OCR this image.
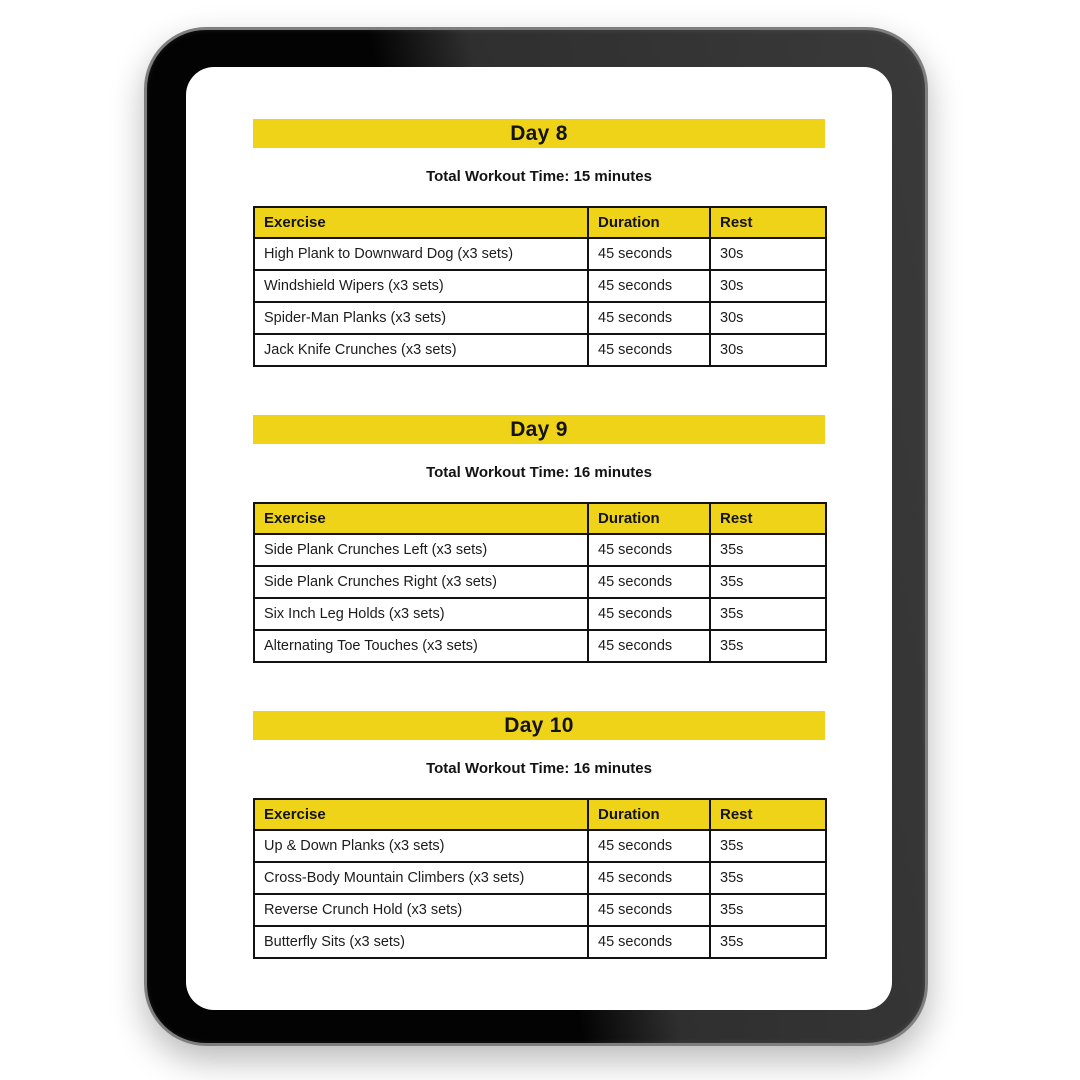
Day 8

Total Workout Time: 15 minutes

Exercise	Duration	Rest
High Plank to Downward Dog (x3 sets)	45 seconds	30s
Windshield Wipers (x3 sets)	45 seconds	30s
Spider-Man Planks (x3 sets)	45 seconds	30s
Jack Knife Crunches (x3 sets)	45 seconds	30s
Day 9

Total Workout Time: 16 minutes

Exercise	Duration	Rest
Side Plank Crunches Left (x3 sets)	45 seconds	35s
Side Plank Crunches Right (x3 sets)	45 seconds	35s
Six Inch Leg Holds (x3 sets)	45 seconds	35s
Alternating Toe Touches (x3 sets)	45 seconds	35s
Day 10

Total Workout Time: 16 minutes

Exercise	Duration	Rest
Up & Down Planks (x3 sets)	45 seconds	35s
Cross-Body Mountain Climbers (x3 sets)	45 seconds	35s
Reverse Crunch Hold (x3 sets)	45 seconds	35s
Butterfly Sits (x3 sets)	45 seconds	35s
